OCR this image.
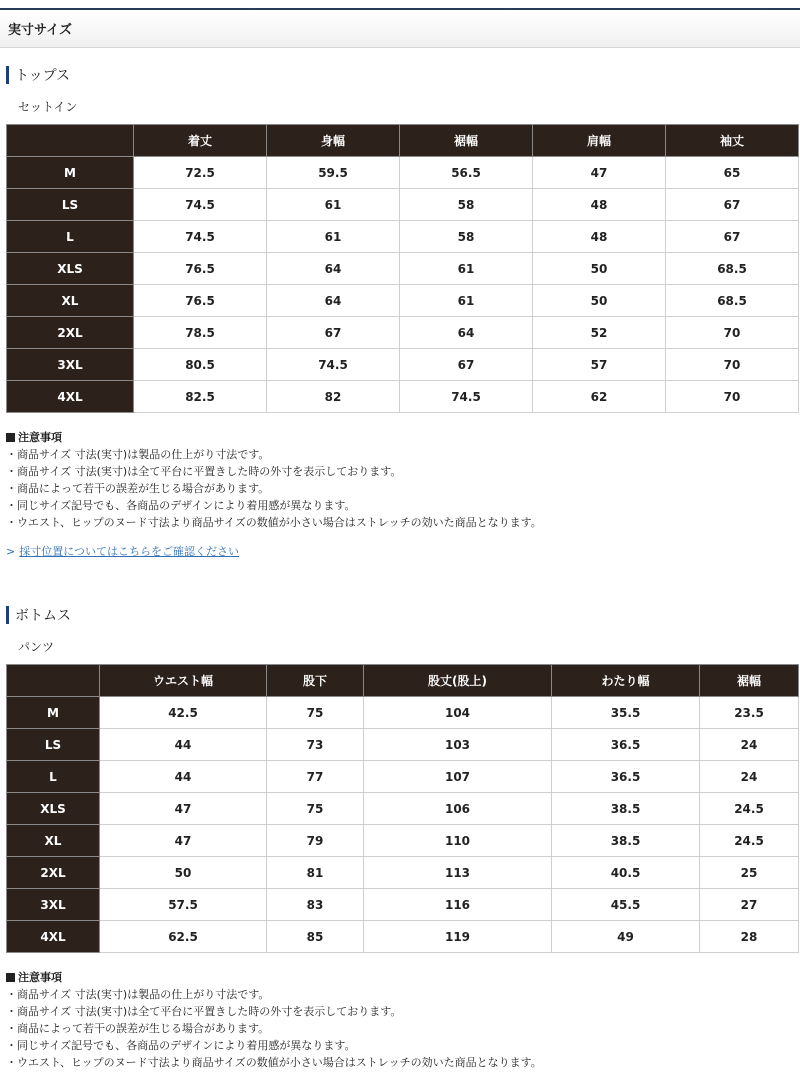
実寸サイズ
トップス
セットイン
	着丈	身幅	裾幅	肩幅	袖丈
M	72.5	59.5	56.5	47	65
LS	74.5	61	58	48	67
L	74.5	61	58	48	67
XLS	76.5	64	61	50	68.5
XL	76.5	64	61	50	68.5
2XL	78.5	67	64	52	70
3XL	80.5	74.5	67	57	70
4XL	82.5	82	74.5	62	70
注意事項
・商品サイズ 寸法(実寸)は製品の仕上がり寸法です。
・商品サイズ 寸法(実寸)は全て平台に平置きした時の外寸を表示しております。
・商品によって若干の誤差が生じる場合があります。
・同じサイズ記号でも、各商品のデザインにより着用感が異なります。
・ウエスト、ヒップのヌード寸法より商品サイズの数値が小さい場合はストレッチの効いた商品となります。
> 採寸位置についてはこちらをご確認ください
ボトムス
パンツ
	ウエスト幅	股下	股丈(股上)	わたり幅	裾幅
M	42.5	75	104	35.5	23.5
LS	44	73	103	36.5	24
L	44	77	107	36.5	24
XLS	47	75	106	38.5	24.5
XL	47	79	110	38.5	24.5
2XL	50	81	113	40.5	25
3XL	57.5	83	116	45.5	27
4XL	62.5	85	119	49	28
注意事項
・商品サイズ 寸法(実寸)は製品の仕上がり寸法です。
・商品サイズ 寸法(実寸)は全て平台に平置きした時の外寸を表示しております。
・商品によって若干の誤差が生じる場合があります。
・同じサイズ記号でも、各商品のデザインにより着用感が異なります。
・ウエスト、ヒップのヌード寸法より商品サイズの数値が小さい場合はストレッチの効いた商品となります。
